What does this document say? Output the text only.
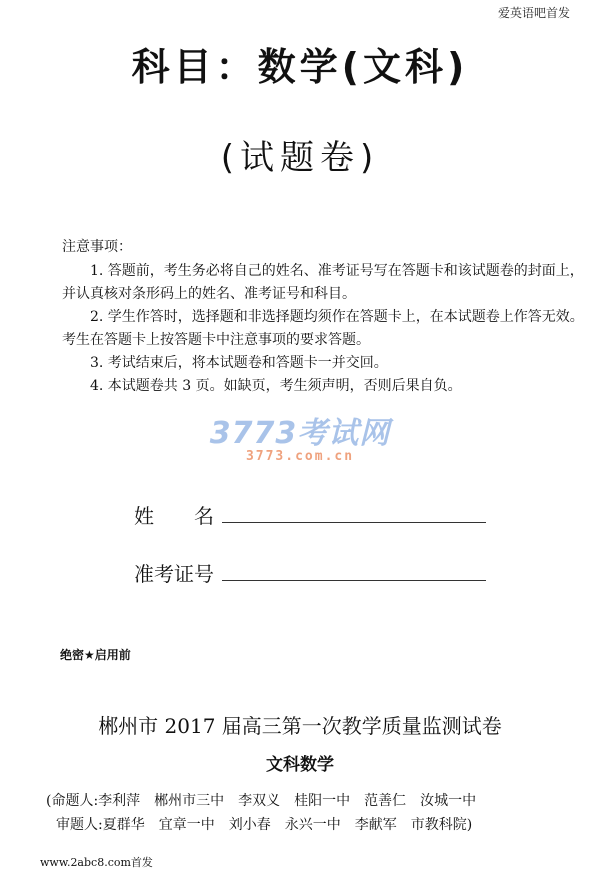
爱英语吧首发
科目：数学(文科)
(试题卷)
注意事项：

1. 答题前，考生务必将自己的姓名、准考证号写在答题卡和该试题卷的封面上，并认真核对条形码上的姓名、准考证号和科目。

2. 学生作答时，选择题和非选择题均须作在答题卡上，在本试题卷上作答无效。考生在答题卡上按答题卡中注意事项的要求答题。

3. 考试结束后，将本试题卷和答题卡一并交回。

4. 本试题卷共 3 页。如缺页，考生须声明，否则后果自负。

3773考试网
3773.com.cn
姓　　名
准考证号
绝密★启用前
郴州市 2017 届高三第一次教学质量监测试卷
文科数学
(命题人:李利萍　郴州市三中　李双义　桂阳一中　范善仁　汝城一中
审题人:夏群华　宜章一中　刘小春　永兴一中　李献军　市教科院)
www.2abc8.com首发
